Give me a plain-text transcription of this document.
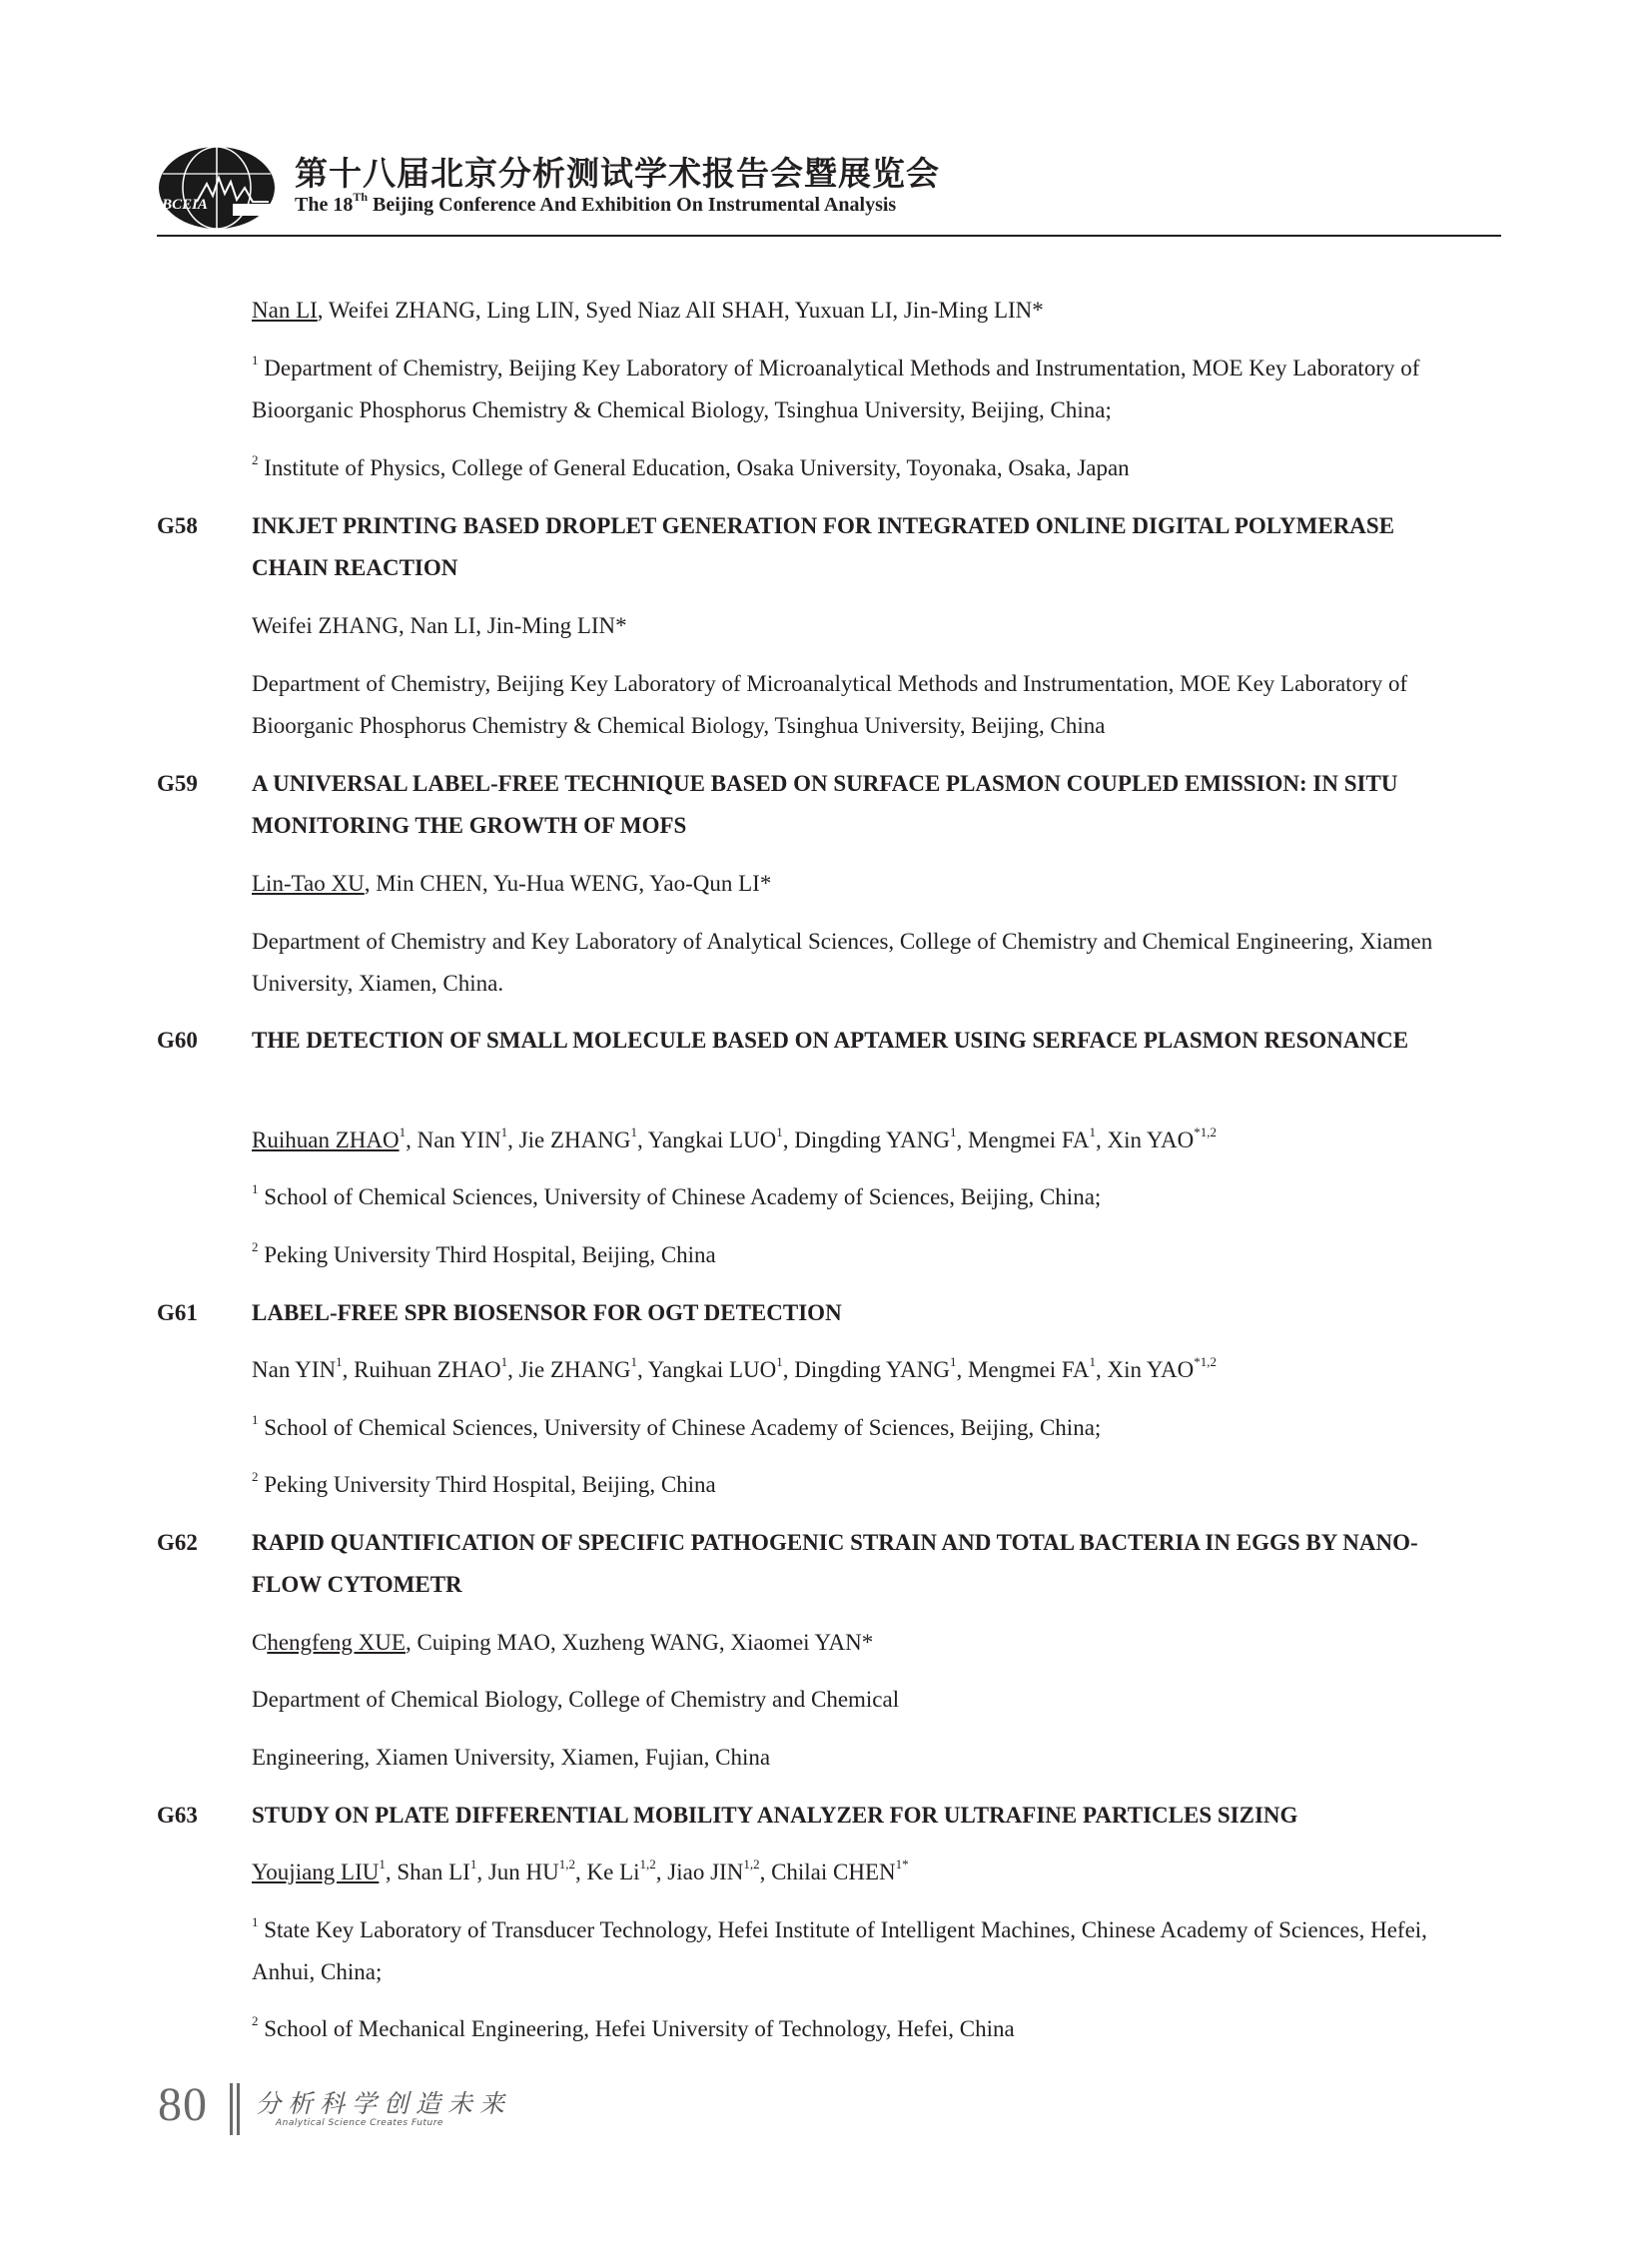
BCEIA
第十八届北京分析测试学术报告会暨展览会
The 18Th Beijing Conference And Exhibition On Instrumental Analysis
Nan LI, Weifei ZHANG, Ling LIN, Syed Niaz AlI SHAH, Yuxuan LI, Jin-Ming LIN*
$^1$ Department of Chemistry, Beijing Key Laboratory of Microanalytical Methods and Instrumentation, MOE Key Laboratory of Bioorganic Phosphorus Chemistry & Chemical Biology, Tsinghua University, Beijing, China;
$^2$ Institute of Physics, College of General Education, Osaka University, Toyonaka, Osaka, Japan
G58	INKJET PRINTING BASED DROPLET GENERATION FOR INTEGRATED ONLINE DIGITAL POLYMERASE CHAIN REACTION
Weifei ZHANG, Nan LI, Jin-Ming LIN*
Department of Chemistry, Beijing Key Laboratory of Microanalytical Methods and Instrumentation, MOE Key Laboratory of Bioorganic Phosphorus Chemistry & Chemical Biology, Tsinghua University, Beijing, China
G59	A UNIVERSAL LABEL-FREE TECHNIQUE BASED ON SURFACE PLASMON COUPLED EMISSION: IN SITU MONITORING THE GROWTH OF MOFS
Lin-Tao XU, Min CHEN, Yu-Hua WENG, Yao-Qun LI*
Department of Chemistry and Key Laboratory of Analytical Sciences, College of Chemistry and Chemical Engineering, Xiamen University, Xiamen, China.
G60	THE DETECTION OF SMALL MOLECULE BASED ON APTAMER USING SERFACE PLASMON RESONANCE
Ruihuan ZHAO$^1$, Nan YIN$^1$, Jie ZHANG$^1$, Yangkai LUO$^1$, Dingding YANG$^1$, Mengmei $FA^1$, Xin YAO$^{*1,2}$
$^1$ School of Chemical Sciences, University of Chinese Academy of Sciences, Beijing, China;
$^2$ Peking University Third Hospital, Beijing, China
G61	LABEL-FREE SPR BIOSENSOR FOR OGT DETECTION
Nan YIN$^1$, Ruihuan ZHAO$^1$, Jie ZHANG$^1$, Yangkai LUO$^1$, Dingding YANG$^1$, Mengmei $FA^1$, Xin YAO$^{*1,2}$
$^1$ School of Chemical Sciences, University of Chinese Academy of Sciences, Beijing, China;
$^2$ Peking University Third Hospital, Beijing, China
G62	RAPID QUANTIFICATION OF SPECIFIC PATHOGENIC STRAIN AND TOTAL BACTERIA IN EGGS BY NANO-FLOW CYTOMETR
Chengfeng XUE, Cuiping MAO, Xuzheng WANG, Xiaomei YAN*
Department of Chemical Biology, College of Chemistry and Chemical
Engineering, Xiamen University, Xiamen, Fujian, China
G63	STUDY ON PLATE DIFFERENTIAL MOBILITY ANALYZER FOR ULTRAFINE PARTICLES SIZING
Youjiang LIU$^1$, Shan $LI^1$, Jun HU$^{1,2}$, Ke Li$^{1,2}$, Jiao JIN$^{1,2}$, Chilai $CHEN^{1*}$
$^1$ State Key Laboratory of Transducer Technology, Hefei Institute of Intelligent Machines, Chinese Academy of Sciences, Hefei, Anhui, China;
$^2$ School of Mechanical Engineering, Hefei University of Technology, Hefei, China
80 分析科学创造未来
Analytical Science Creates Future
